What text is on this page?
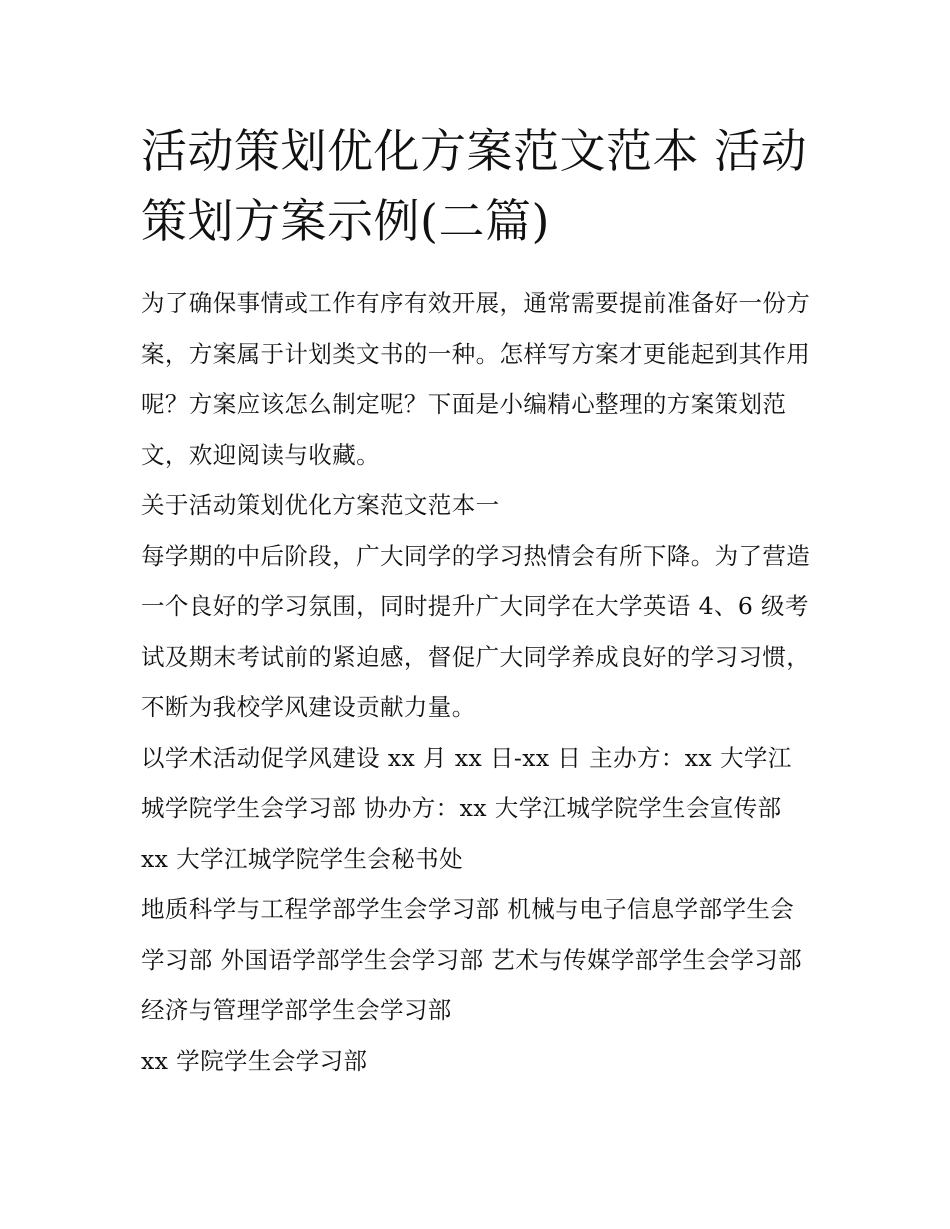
活动策划优化方案范文范本 活动策划方案示例(二篇)

为了确保事情或工作有序有效开展，通常需要提前准备好一份方案，方案属于计划类文书的一种。怎样写方案才更能起到其作用呢？方案应该怎么制定呢？下面是小编精心整理的方案策划范文，欢迎阅读与收藏。

关于活动策划优化方案范文范本一

每学期的中后阶段，广大同学的学习热情会有所下降。为了营造一个良好的学习氛围，同时提升广大同学在大学英语 4、6 级考试及期末考试前的紧迫感，督促广大同学养成良好的学习习惯，不断为我校学风建设贡献力量。

以学术活动促学风建设 xx 月 xx 日-xx 日 主办方：xx 大学江城学院学生会学习部 协办方：xx 大学江城学院学生会宣传部 xx 大学江城学院学生会秘书处

地质科学与工程学部学生会学习部 机械与电子信息学部学生会学习部 外国语学部学生会学习部 艺术与传媒学部学生会学习部 经济与管理学部学生会学习部

xx 学院学生会学习部
